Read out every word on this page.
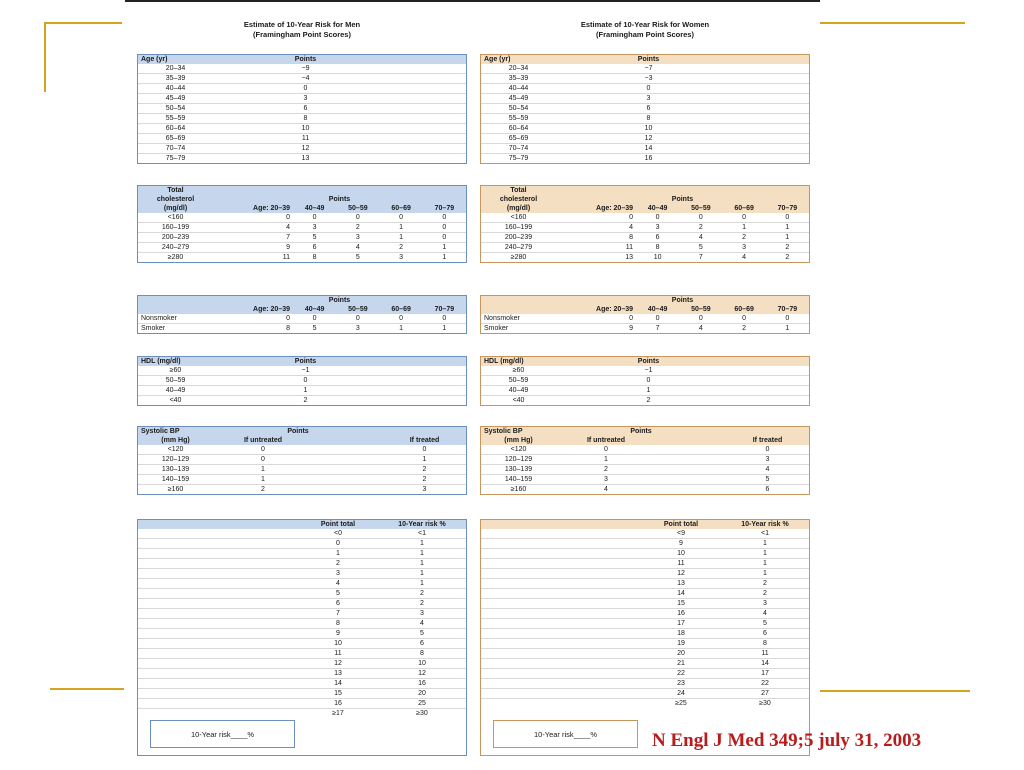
Estimate of 10-Year Risk for Men
(Framingham Point Scores)
Age (yr)	Points	
20–34	−9	
35–39	−4	
40–44	0	
45–49	3	
50–54	6	
55–59	8	
60–64	10	
65–69	11	
70–74	12	
75–79	13	
Total					
cholesterol	Points				
(mg/dl)	Age: 20–39	40–49	50–59	60–69	70–79
<160	0	0	0	0	0
160–199	4	3	2	1	0
200–239	7	5	3	1	0
240–279	9	6	4	2	1
≥280	11	8	5	3	1
	Points				
	Age: 20–39	40–49	50–59	60–69	70–79
Nonsmoker	0	0	0	0	0
Smoker	8	5	3	1	1
HDL (mg/dl)	Points	
≥60	−1	
50–59	0	
40–49	1	
<40	2	
Systolic BP	Points		
(mm Hg)	If untreated		If treated
<120	0		0
120–129	0		1
130–139	1		2
140–159	1		2
≥160	2		3
	Point total	10-Year risk %
	<0	<1
	0	1
	1	1
	2	1
	3	1
	4	1
	5	2
	6	2
	7	3
	8	4
	9	5
	10	6
	11	8
	12	10
	13	12
	14	16
	15	20
	16	25
	≥17	≥30
10-Year risk____%
Estimate of 10-Year Risk for Women
(Framingham Point Scores)
Age (yr)	Points	
20–34	−7	
35–39	−3	
40–44	0	
45–49	3	
50–54	6	
55–59	8	
60–64	10	
65–69	12	
70–74	14	
75–79	16	
Total					
cholesterol	Points				
(mg/dl)	Age: 20–39	40–49	50–59	60–69	70–79
<160	0	0	0	0	0
160–199	4	3	2	1	1
200–239	8	6	4	2	1
240–279	11	8	5	3	2
≥280	13	10	7	4	2
	Points				
	Age: 20–39	40–49	50–59	60–69	70–79
Nonsmoker	0	0	0	0	0
Smoker	9	7	4	2	1
HDL (mg/dl)	Points	
≥60	−1	
50–59	0	
40–49	1	
<40	2	
Systolic BP	Points		
(mm Hg)	If untreated		If treated
<120	0		0
120–129	1		3
130–139	2		4
140–159	3		5
≥160	4		6
	Point total	10-Year risk %
	<9	<1
	9	1
	10	1
	11	1
	12	1
	13	2
	14	2
	15	3
	16	4
	17	5
	18	6
	19	8
	20	11
	21	14
	22	17
	23	22
	24	27
	≥25	≥30
10-Year risk____%	N Engl J Med 349;5 july 31, 2003
